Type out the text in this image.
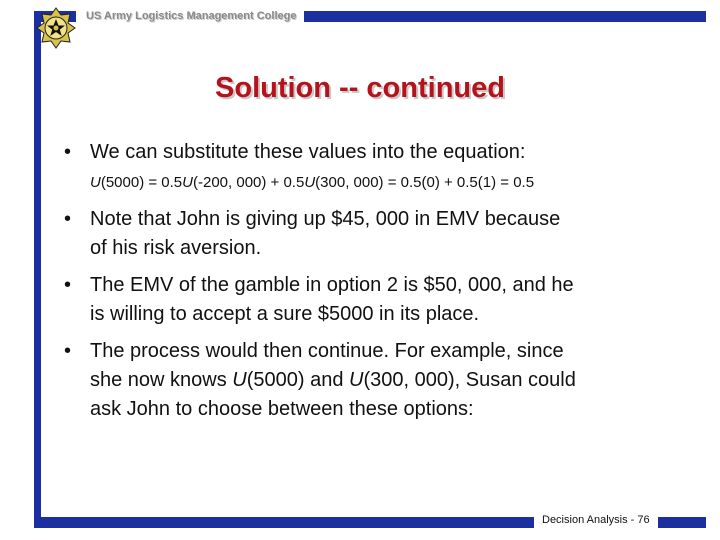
US Army Logistics Management College
Solution -- continued
• We can substitute these values into the equation:
U(5000) = 0.5U(-200, 000) + 0.5U(300, 000) = 0.5(0) + 0.5(1) = 0.5
• Note that John is giving up $45, 000 in EMV because
of his risk aversion.
• The EMV of the gamble in option 2 is $50, 000, and he
is willing to accept a sure $5000 in its place.
• The process would then continue. For example, since
she now knows U(5000) and U(300, 000), Susan could
ask John to choose between these options:
Decision Analysis - 76
